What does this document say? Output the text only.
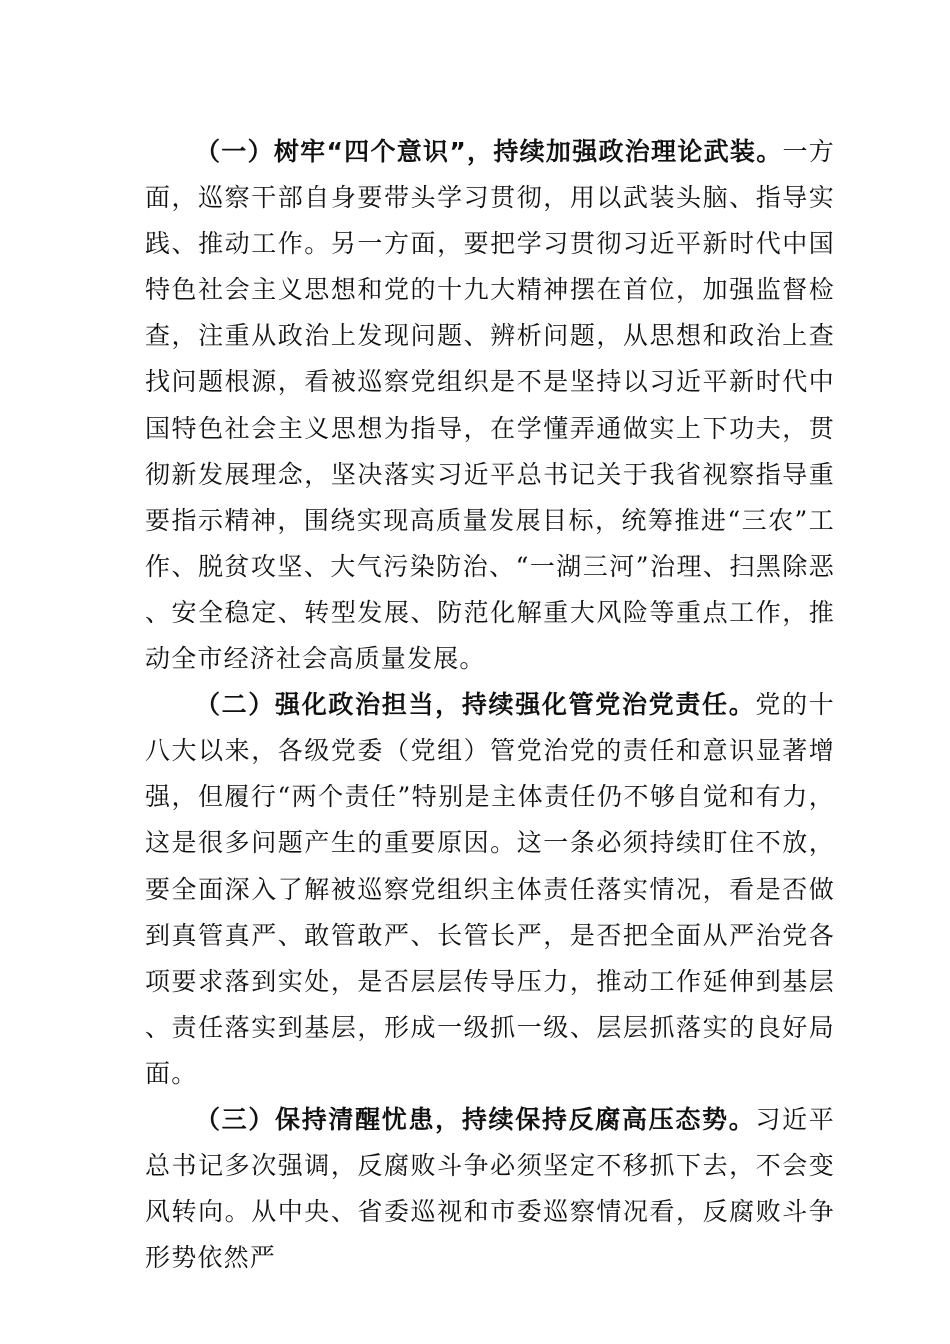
（一）树牢“四个意识”，持续加强政治理论武装。一方面，巡察干部自身要带头学习贯彻，用以武装头脑、指导实践、推动工作。另一方面，要把学习贯彻习近平新时代中国特色社会主义思想和党的十九大精神摆在首位，加强监督检查，注重从政治上发现问题、辨析问题，从思想和政治上查找问题根源，看被巡察党组织是不是坚持以习近平新时代中国特色社会主义思想为指导，在学懂弄通做实上下功夫，贯彻新发展理念，坚决落实习近平总书记关于我省视察指导重要指示精神，围绕实现高质量发展目标，统筹推进“三农”工作、脱贫攻坚、大气污染防治、“一湖三河”治理、扫黑除恶、安全稳定、转型发展、防范化解重大风险等重点工作，推动全市经济社会高质量发展。

（二）强化政治担当，持续强化管党治党责任。党的十八大以来，各级党委（党组）管党治党的责任和意识显著增强，但履行“两个责任”特别是主体责任仍不够自觉和有力，这是很多问题产生的重要原因。这一条必须持续盯住不放，要全面深入了解被巡察党组织主体责任落实情况，看是否做到真管真严、敢管敢严、长管长严，是否把全面从严治党各项要求落到实处，是否层层传导压力，推动工作延伸到基层、责任落实到基层，形成一级抓一级、层层抓落实的良好局面。

（三）保持清醒忧患，持续保持反腐高压态势。习近平总书记多次强调，反腐败斗争必须坚定不移抓下去，不会变风转向。从中央、省委巡视和市委巡察情况看，反腐败斗争形势依然严
